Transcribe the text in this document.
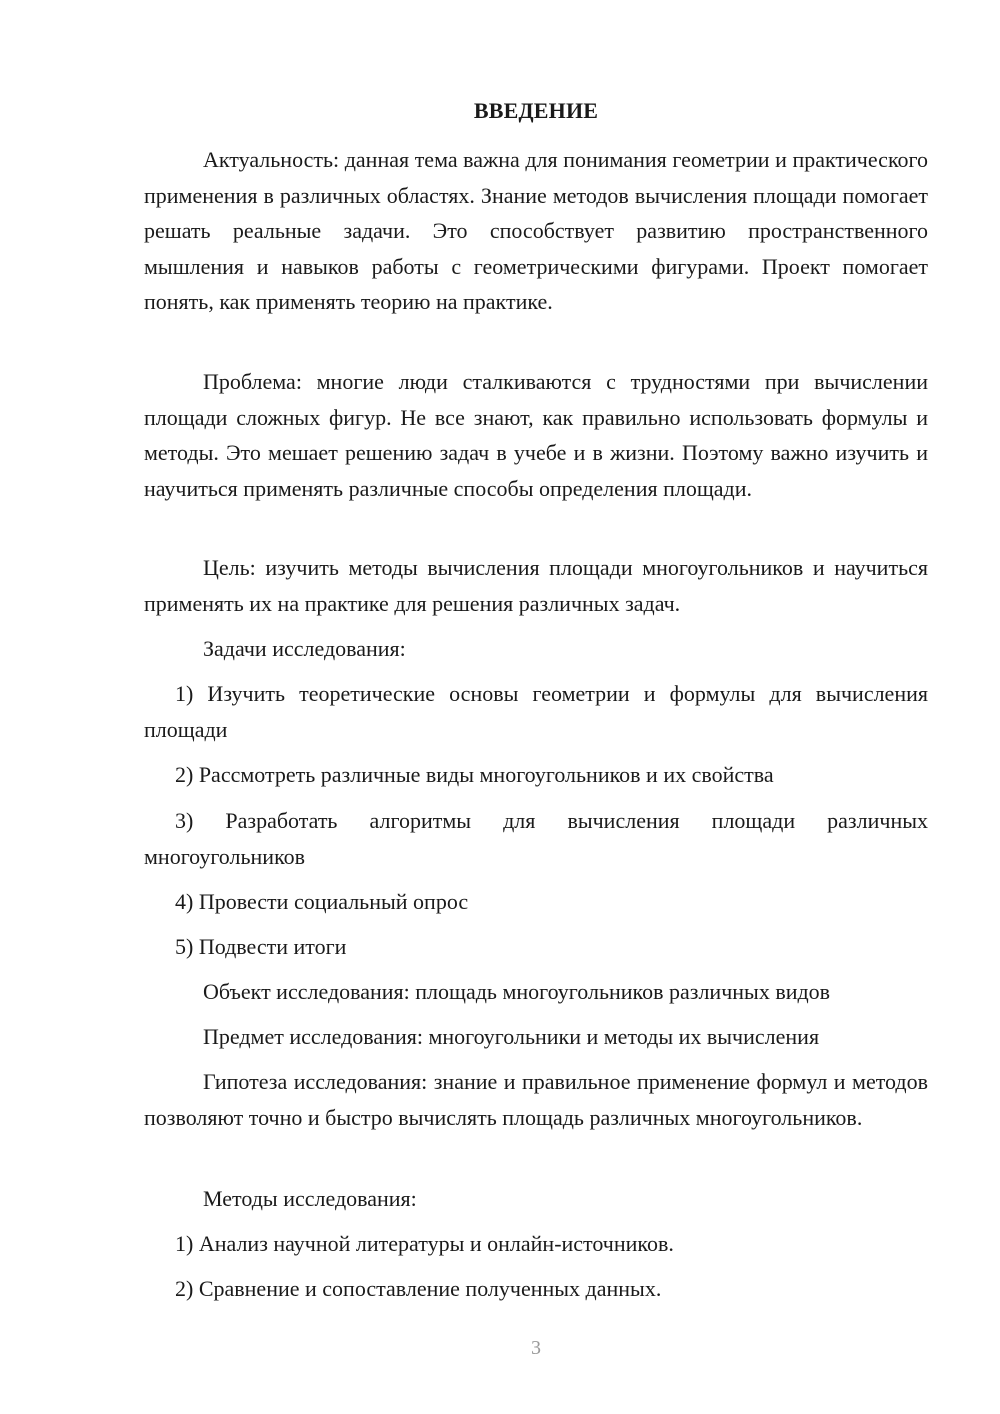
ВВЕДЕНИЕ
Актуальность: данная тема важна для понимания геометрии и практического применения в различных областях. Знание методов вычисления площади помогает решать реальные задачи. Это способствует развитию пространственного мышления и навыков работы с геометрическими фигурами. Проект помогает понять, как применять теорию на практике.
Проблема: многие люди сталкиваются с трудностями при вычислении площади сложных фигур. Не все знают, как правильно использовать формулы и методы. Это мешает решению задач в учебе и в жизни. Поэтому важно изучить и научиться применять различные способы определения площади.
Цель: изучить методы вычисления площади многоугольников и научиться применять их на практике для решения различных задач.
Задачи исследования:
1) Изучить теоретические основы геометрии и формулы для вычисления площади
2) Рассмотреть различные виды многоугольников и их свойства
3) Разработать алгоритмы для вычисления площади различных многоугольников
4) Провести социальный опрос
5) Подвести итоги
Объект исследования: площадь многоугольников различных видов
Предмет исследования: многоугольники и методы их вычисления
Гипотеза исследования: знание и правильное применение формул и методов позволяют точно и быстро вычислять площадь различных многоугольников.
Методы исследования:
1) Анализ научной литературы и онлайн-источников.
2) Сравнение и сопоставление полученных данных.
3
